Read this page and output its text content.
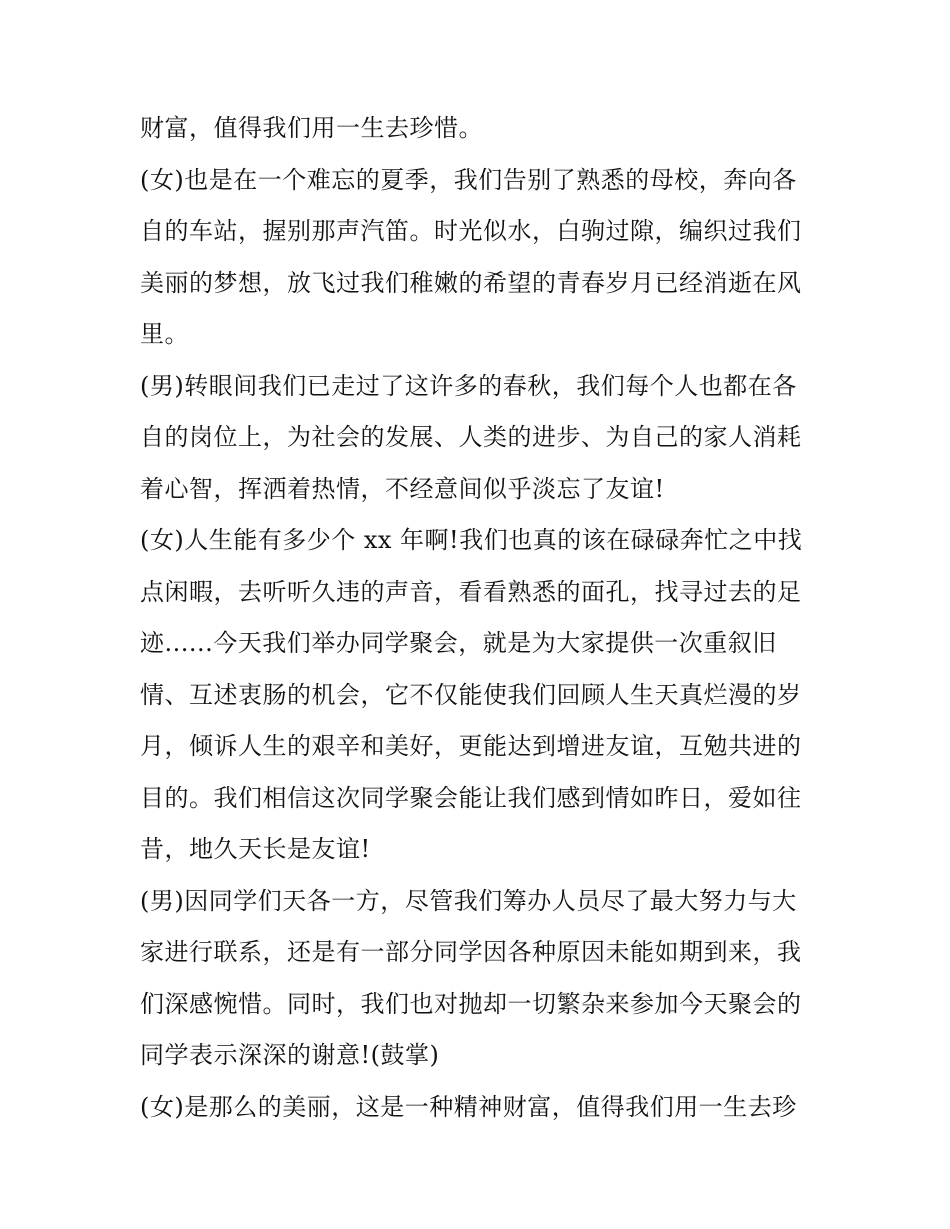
财富，值得我们用一生去珍惜。
(女)也是在一个难忘的夏季，我们告别了熟悉的母校，奔向各
自的车站，握别那声汽笛。时光似水，白驹过隙，编织过我们
美丽的梦想，放飞过我们稚嫩的希望的青春岁月已经消逝在风
里。
(男)转眼间我们已走过了这许多的春秋，我们每个人也都在各
自的岗位上，为社会的发展、人类的进步、为自己的家人消耗
着心智，挥洒着热情，不经意间似乎淡忘了友谊!
(女)人生能有多少个 xx 年啊!我们也真的该在碌碌奔忙之中找
点闲暇，去听听久违的声音，看看熟悉的面孔，找寻过去的足
迹......今天我们举办同学聚会，就是为大家提供一次重叙旧
情、互述衷肠的机会，它不仅能使我们回顾人生天真烂漫的岁
月，倾诉人生的艰辛和美好，更能达到增进友谊，互勉共进的
目的。我们相信这次同学聚会能让我们感到情如昨日，爱如往
昔，地久天长是友谊!
(男)因同学们天各一方，尽管我们筹办人员尽了最大努力与大
家进行联系，还是有一部分同学因各种原因未能如期到来，我
们深感惋惜。同时，我们也对抛却一切繁杂来参加今天聚会的
同学表示深深的谢意!(鼓掌)
(女)是那么的美丽，这是一种精神财富，值得我们用一生去珍
